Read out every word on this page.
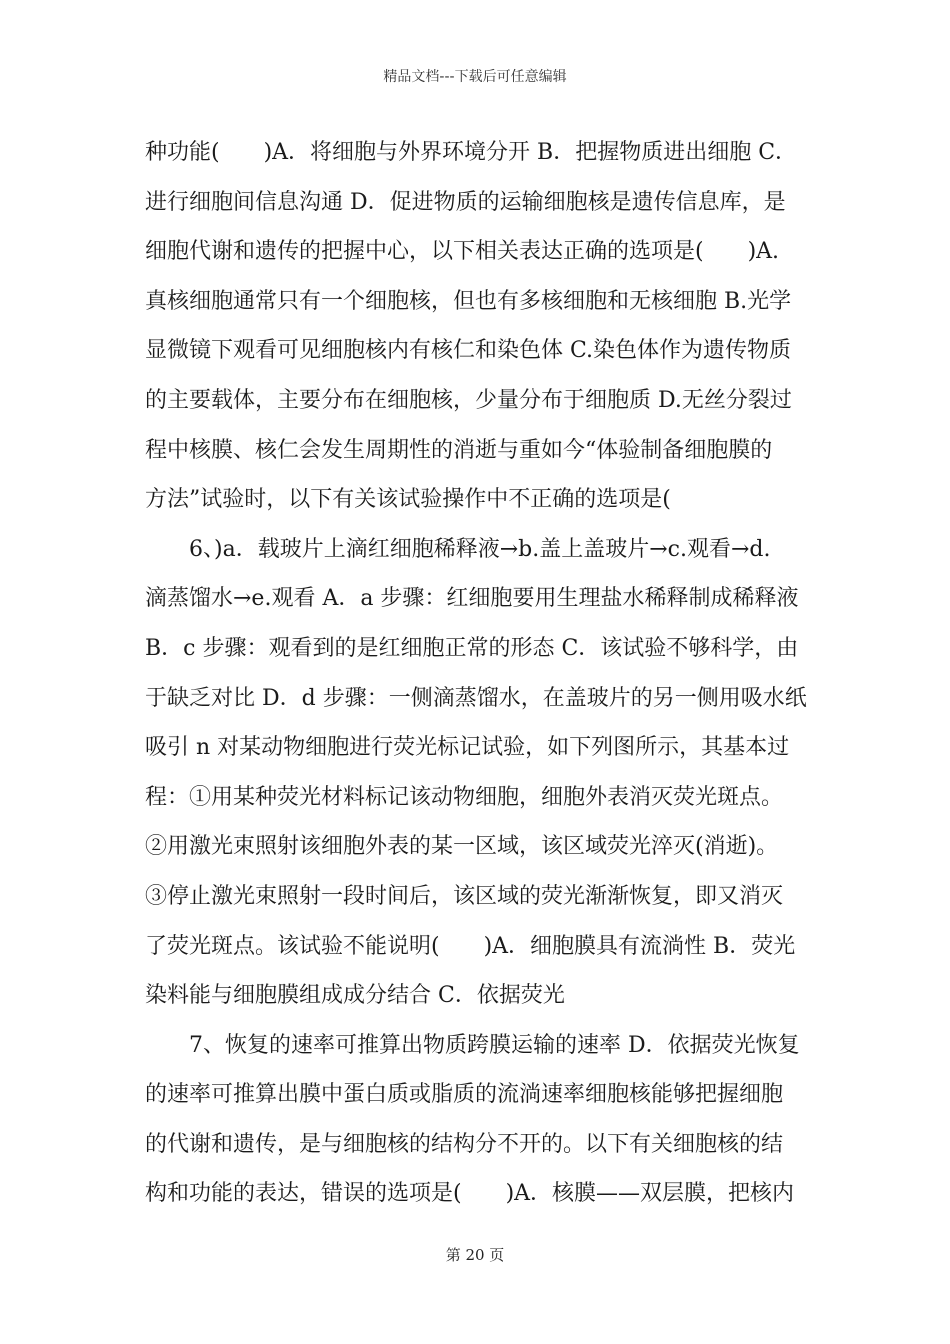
精品文档---下载后可任意编辑
种功能(　　)A．将细胞与外界环境分开 B．把握物质进出细胞 C．
进行细胞间信息沟通 D．促进物质的运输细胞核是遗传信息库，是
细胞代谢和遗传的把握中心，以下相关表达正确的选项是(　　)A.
真核细胞通常只有一个细胞核，但也有多核细胞和无核细胞 B.光学
显微镜下观看可见细胞核内有核仁和染色体 C.染色体作为遗传物质
的主要载体，主要分布在细胞核，少量分布于细胞质 D.无丝分裂过
程中核膜、核仁会发生周期性的消逝与重如今“体验制备细胞膜的
方法”试验时，以下有关该试验操作中不正确的选项是(
　　6、)a．载玻片上滴红细胞稀释液→b.盖上盖玻片→c.观看→d.
滴蒸馏水→e.观看 A．a 步骤：红细胞要用生理盐水稀释制成稀释液
B．c 步骤：观看到的是红细胞正常的形态 C．该试验不够科学，由
于缺乏对比 D．d 步骤：一侧滴蒸馏水，在盖玻片的另一侧用吸水纸
吸引 n 对某动物细胞进行荧光标记试验，如下列图所示，其基本过
程：①用某种荧光材料标记该动物细胞，细胞外表消灭荧光斑点。
②用激光束照射该细胞外表的某一区域，该区域荧光淬灭(消逝)。
③停止激光束照射一段时间后，该区域的荧光渐渐恢复，即又消灭
了荧光斑点。该试验不能说明(　　)A．细胞膜具有流淌性 B．荧光
染料能与细胞膜组成成分结合 C．依据荧光
　　7、恢复的速率可推算出物质跨膜运输的速率 D．依据荧光恢复
的速率可推算出膜中蛋白质或脂质的流淌速率细胞核能够把握细胞
的代谢和遗传，是与细胞核的结构分不开的。以下有关细胞核的结
构和功能的表达，错误的选项是(　　)A．核膜——双层膜，把核内
第 20 页
